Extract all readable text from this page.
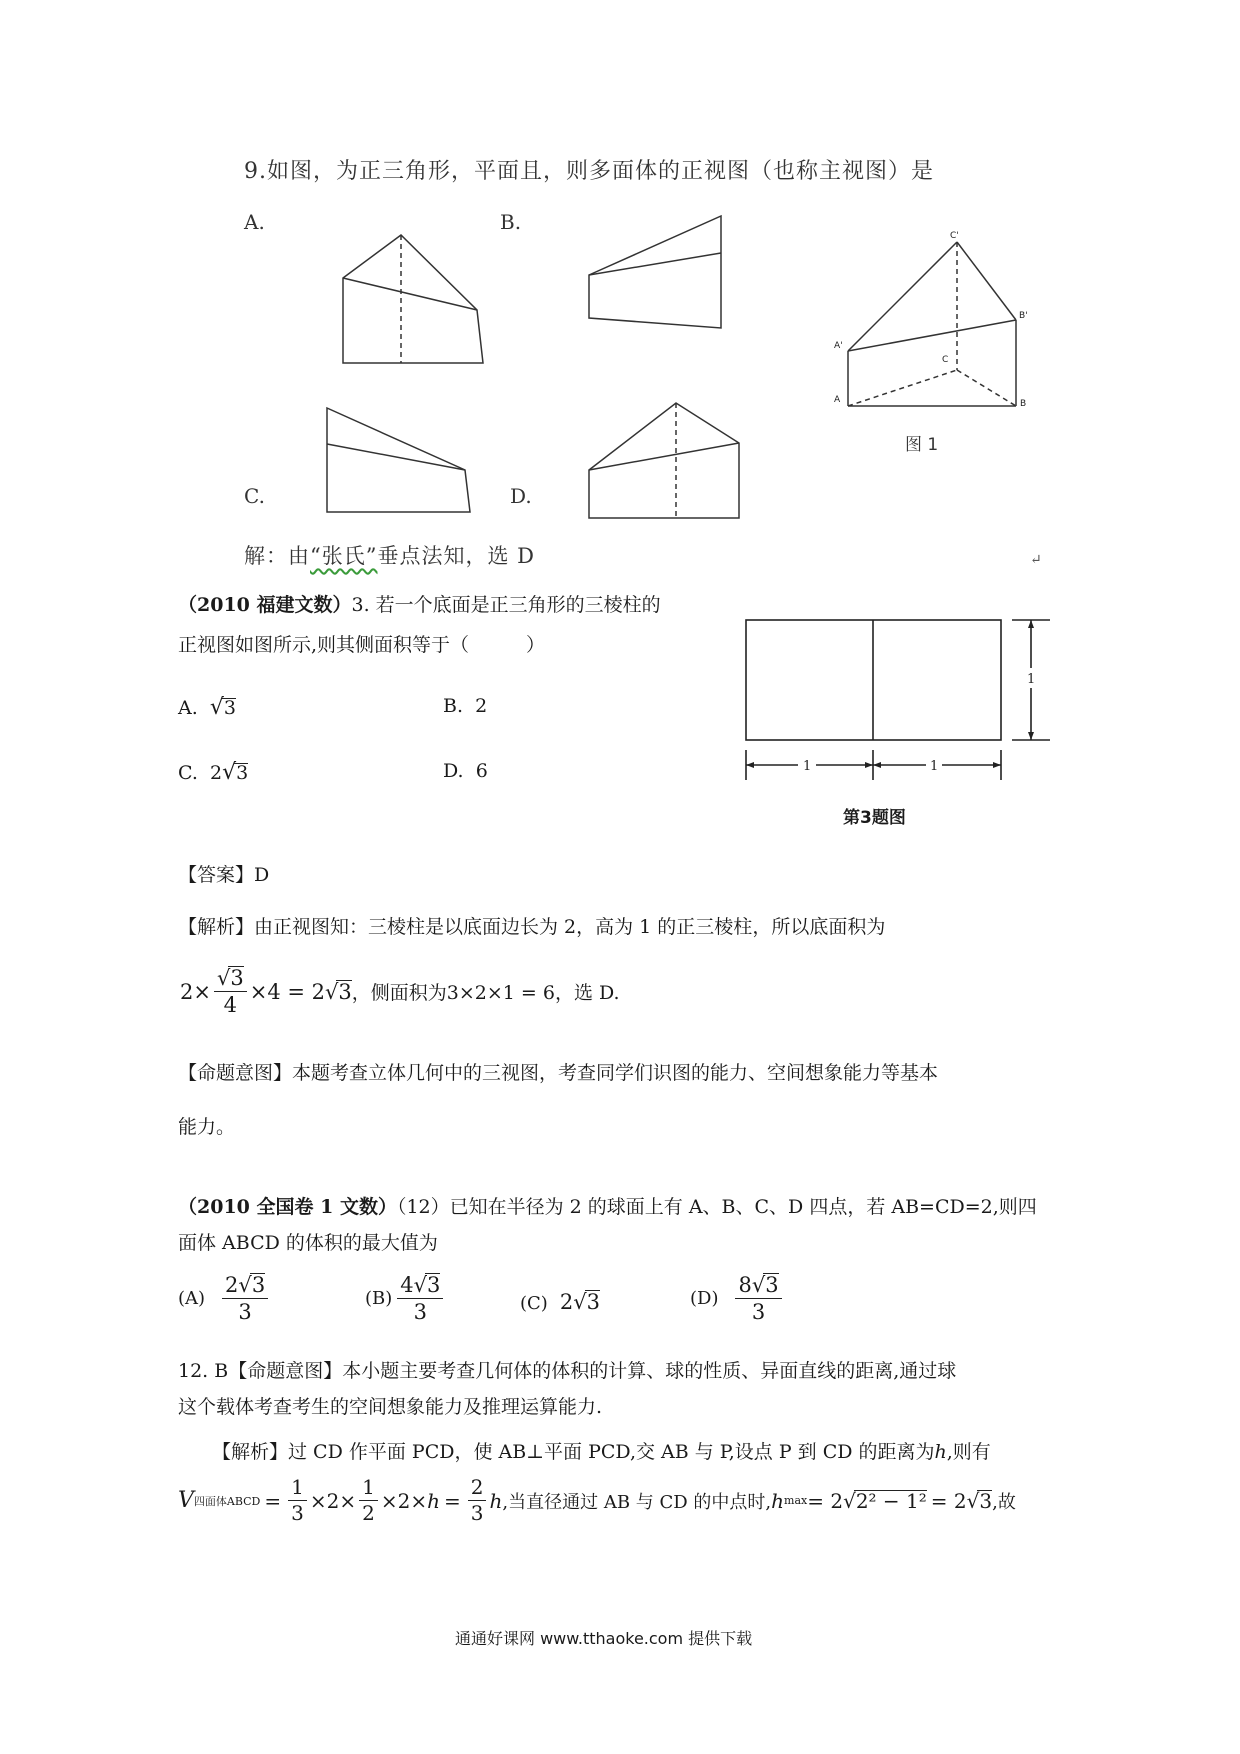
9.如图，为正三角形，平面且，则多面体的正视图（也称主视图）是
A.	B.
C.	D.
C'
B'
A'
C
A	B
图 1
解：由“张氏”垂点法知，选 D	↵
（2010 福建文数）3. 若一个底面是正三角形的三棱柱的
正视图如图所示,则其侧面积等于（　　　）
A. √3	B. 2
C. 2√3	D. 6	1	1
1
第3题图
【答案】D
【解析】由正视图知：三棱柱是以底面边长为 2，高为 1 的正三棱柱，所以底面积为
$2\times \frac{√3}{4} \times 4 = 2$ √ 3 ，侧面积为3×2×1 = 6，选 D.
【命题意图】本题考查立体几何中的三视图，考查同学们识图的能力、空间想象能力等基本
能力。
（2010 全国卷 1 文数）（12）已知在半径为 2 的球面上有 A、B、C、D 四点，若 AB=CD=2,则四
面体 ABCD 的体积的最大值为
$(A) \frac{2√3}{3}$	$(B) \frac{4√3}{3}$	(C) 2√3	$(D) \frac{8√3}{3}$
12. B【命题意图】本小题主要考查几何体的体积的计算、球的性质、异面直线的距离,通过球
这个载体考查考生的空间想象能力及推理运算能力.
【解析】过 CD 作平面 PCD，使 AB⊥平面 PCD,交 AB 与 P,设点 P 到 CD 的距离为h,则有
V 四面体ABCD = $\frac{1}{3} \times 2\times \frac{1}{2} \times 2\times h = \frac{2}{3}$ h ,当直径通过 AB 与 CD 的中点时, h max = 2 √ 2² − 1² = 2 √ 3 ,故
通通好课网 www.tthaoke.com 提供下载
